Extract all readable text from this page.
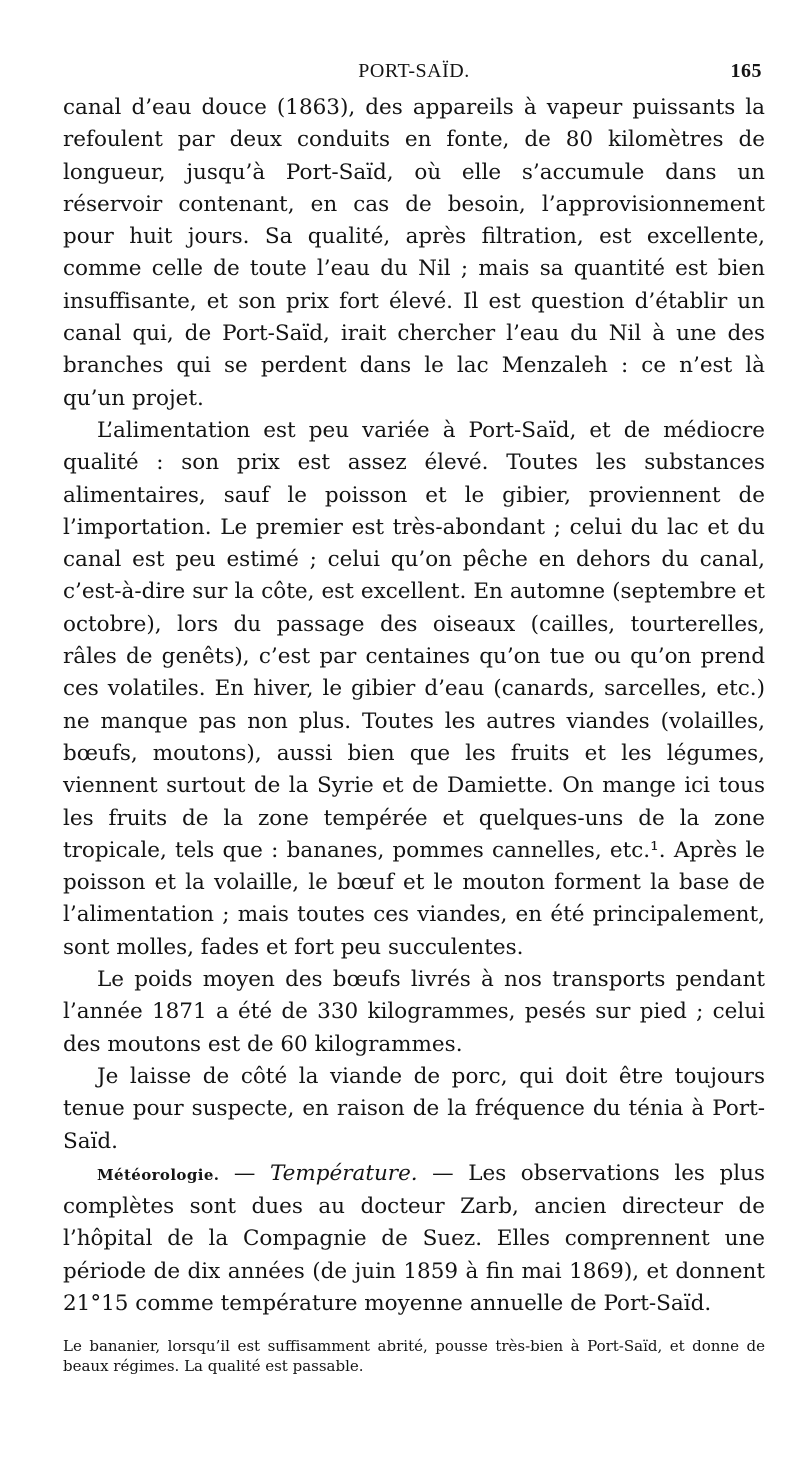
PORT-SAÏD.	165

canal d’eau douce (1863), des appareils à vapeur puissants la refoulent par deux conduits en fonte, de 80 kilomètres de longueur, jusqu’à Port-Saïd, où elle s’accumule dans un réservoir contenant, en cas de besoin, l’approvisionnement pour huit jours. Sa qualité, après filtration, est excellente, comme celle de toute l’eau du Nil ; mais sa quantité est bien insuffisante, et son prix fort élevé. Il est question d’établir un canal qui, de Port-Saïd, irait chercher l’eau du Nil à une des branches qui se perdent dans le lac Menzaleh : ce n’est là qu’un projet.

L’alimentation est peu variée à Port-Saïd, et de médiocre qualité : son prix est assez élevé. Toutes les substances alimentaires, sauf le poisson et le gibier, proviennent de l’importation. Le premier est très-abondant ; celui du lac et du canal est peu estimé ; celui qu’on pêche en dehors du canal, c’est-à-dire sur la côte, est excellent. En automne (septembre et octobre), lors du passage des oiseaux (cailles, tourterelles, râles de genêts), c’est par centaines qu’on tue ou qu’on prend ces volatiles. En hiver, le gibier d’eau (canards, sarcelles, etc.) ne manque pas non plus. Toutes les autres viandes (volailles, bœufs, moutons), aussi bien que les fruits et les légumes, viennent surtout de la Syrie et de Damiette. On mange ici tous les fruits de la zone tempérée et quelques-uns de la zone tropicale, tels que : bananes, pommes cannelles, etc.¹. Après le poisson et la volaille, le bœuf et le mouton forment la base de l’alimentation ; mais toutes ces viandes, en été principalement, sont molles, fades et fort peu succulentes.

Le poids moyen des bœufs livrés à nos transports pendant l’année 1871 a été de 330 kilogrammes, pesés sur pied ; celui des moutons est de 60 kilogrammes.

Je laisse de côté la viande de porc, qui doit être toujours tenue pour suspecte, en raison de la fréquence du ténia à Port-Saïd.

Météorologie. — Température. — Les observations les plus complètes sont dues au docteur Zarb, ancien directeur de l’hôpital de la Compagnie de Suez. Elles comprennent une période de dix années (de juin 1859 à fin mai 1869), et donnent 21°15 comme température moyenne annuelle de Port-Saïd.

Le bananier, lorsqu’il est suffisamment abrité, pousse très-bien à Port-Saïd, et donne de beaux régimes. La qualité est passable.
